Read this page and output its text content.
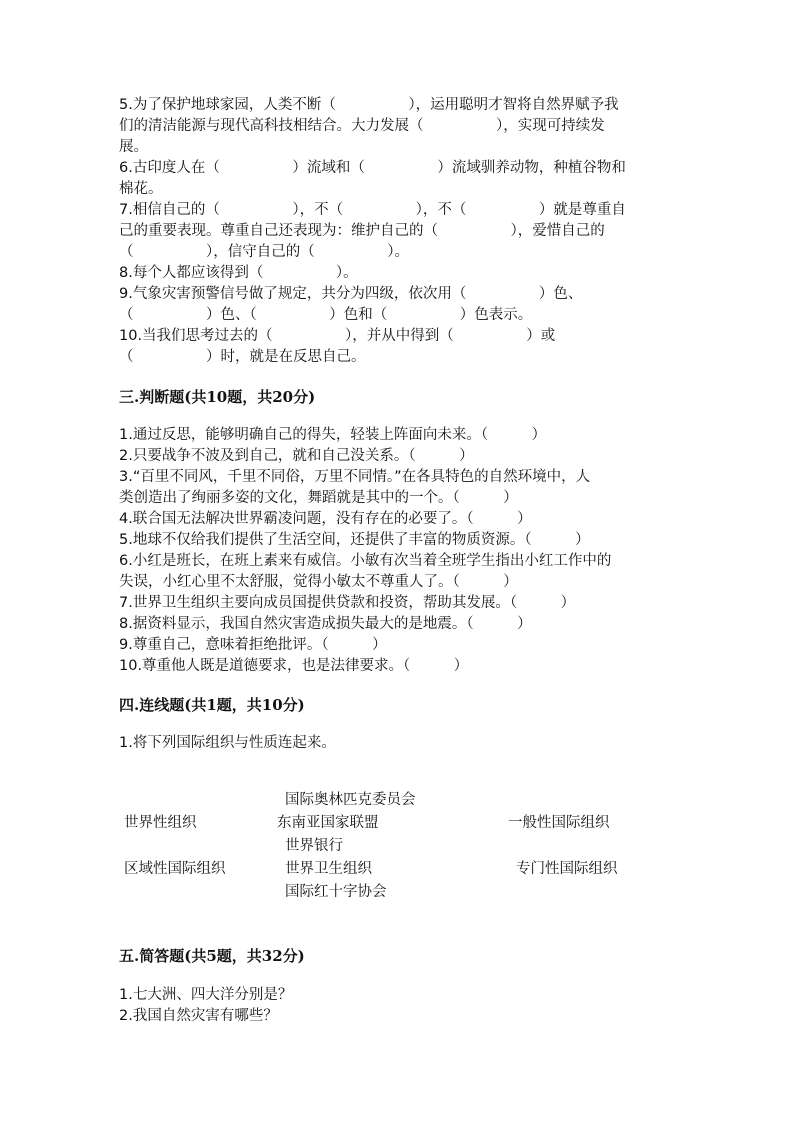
5.为了保护地球家园，人类不断（　　　　　），运用聪明才智将自然界赋予我
们的清洁能源与现代高科技相结合。大力发展（　　　　　），实现可持续发
展。
6.古印度人在（　　　　　）流域和（　　　　　）流域驯养动物，种植谷物和
棉花。
7.相信自己的（　　　　　），不（　　　　　），不（　　　　　）就是尊重自
己的重要表现。尊重自己还表现为：维护自己的（　　　　　），爱惜自己的
（　　　　　），信守自己的（　　　　　）。
8.每个人都应该得到（　　　　　）。
9.气象灾害预警信号做了规定，共分为四级，依次用（　　　　　）色、
（　　　　　）色、（　　　　　）色和（　　　　　）色表示。
10.当我们思考过去的（　　　　　），并从中得到（　　　　　）或
（　　　　　）时，就是在反思自己。
三.判断题(共10题，共20分)
1.通过反思，能够明确自己的得失，轻装上阵面向未来。（　　　）
2.只要战争不波及到自己，就和自己没关系。（　　　）
3.“百里不同风，千里不同俗，万里不同情。”在各具特色的自然环境中，人
类创造出了绚丽多姿的文化，舞蹈就是其中的一个。（　　　）
4.联合国无法解决世界霸凌问题，没有存在的必要了。（　　　）
5.地球不仅给我们提供了生活空间，还提供了丰富的物质资源。（　　　）
6.小红是班长，在班上素来有威信。小敏有次当着全班学生指出小红工作中的
失误，小红心里不太舒服，觉得小敏太不尊重人了。（　　　）
7.世界卫生组织主要向成员国提供贷款和投资，帮助其发展。（　　　）
8.据资料显示，我国自然灾害造成损失最大的是地震。（　　　）
9.尊重自己，意味着拒绝批评。（　　　）
10.尊重他人既是道德要求，也是法律要求。（　　　）
四.连线题(共1题，共10分)
1.将下列国际组织与性质连起来。
国际奥林匹克委员会
世界性组织	东南亚国家联盟	一般性国际组织
世界银行
区域性国际组织	世界卫生组织	专门性国际组织
国际红十字协会
五.简答题(共5题，共32分)
1.七大洲、四大洋分别是？
2.我国自然灾害有哪些？
